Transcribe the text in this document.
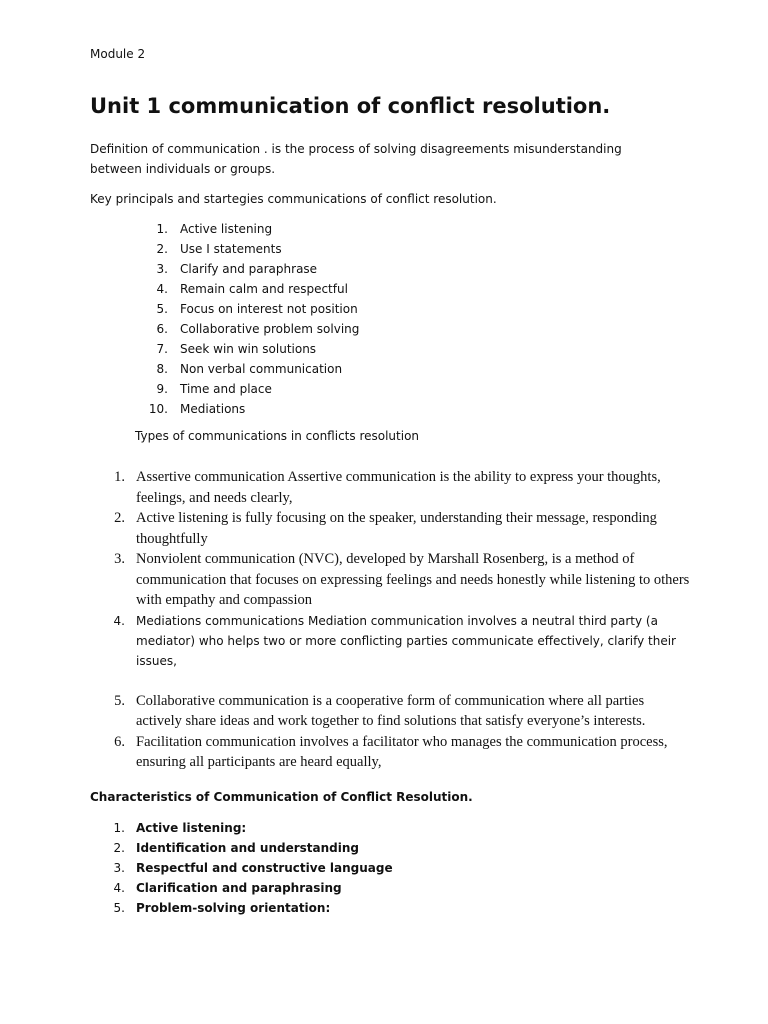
Module 2
Unit 1 communication of conflict resolution.
Definition of communication . is the process of solving disagreements misunderstanding between individuals or groups.
Key principals and startegies communications of conflict resolution.
1. Active listening
2. Use I statements
3. Clarify and paraphrase
4. Remain calm and respectful
5. Focus on interest not position
6. Collaborative problem solving
7. Seek win win solutions
8. Non verbal communication
9. Time and place
10. Mediations
Types of communications in conflicts resolution
1. Assertive communication Assertive communication is the ability to express your thoughts, feelings, and needs clearly,
2. Active listening is fully focusing on the speaker, understanding their message, responding thoughtfully
3. Nonviolent communication (NVC), developed by Marshall Rosenberg, is a method of communication that focuses on expressing feelings and needs honestly while listening to others with empathy and compassion
4. Mediations communications Mediation communication involves a neutral third party (a mediator) who helps two or more conflicting parties communicate effectively, clarify their issues,
5. Collaborative communication is a cooperative form of communication where all parties actively share ideas and work together to find solutions that satisfy everyone’s interests.
6. Facilitation communication involves a facilitator who manages the communication process, ensuring all participants are heard equally,
Characteristics of Communication of Conflict Resolution.
1. Active listening:
2. Identification and understanding
3. Respectful and constructive language
4. Clarification and paraphrasing
5. Problem-solving orientation:
